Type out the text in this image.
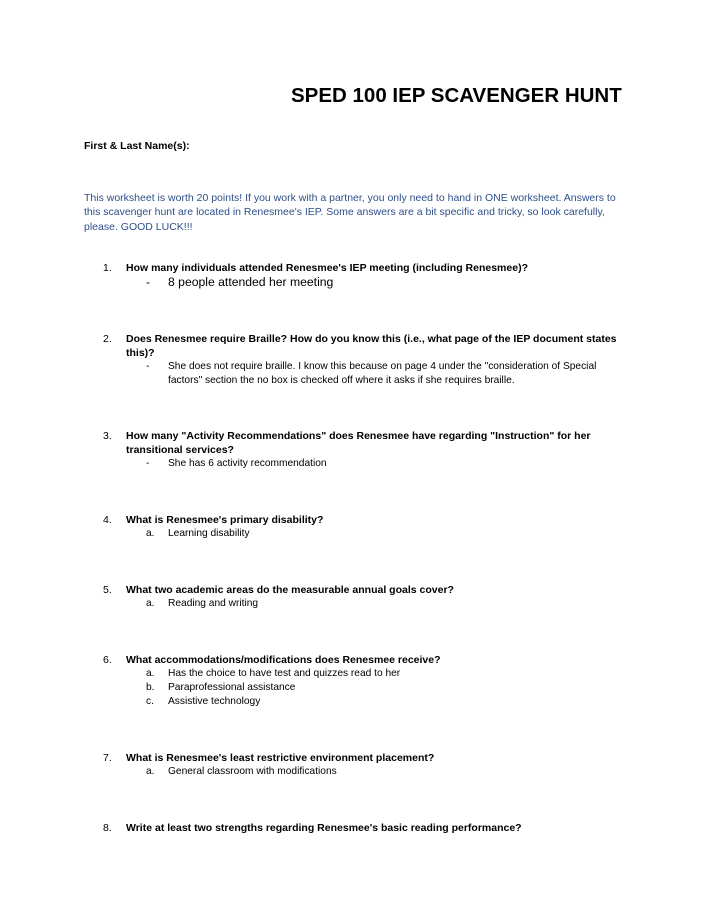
SPED 100 IEP SCAVENGER HUNT
First & Last Name(s):
This worksheet is worth 20 points! If you work with a partner, you only need to hand in ONE worksheet. Answers to this scavenger hunt are located in Renesmee's IEP. Some answers are a bit specific and tricky, so look carefully, please. GOOD LUCK!!!
1. How many individuals attended Renesmee's IEP meeting (including Renesmee)?
- 8 people attended her meeting
2. Does Renesmee require Braille? How do you know this (i.e., what page of the IEP document states this)?
- She does not require braille. I know this because on page 4 under the "consideration of Special factors" section the no box is checked off where it asks if she requires braille.
3. How many "Activity Recommendations" does Renesmee have regarding "Instruction" for her transitional services?
- She has 6 activity recommendation
4. What is Renesmee's primary disability?
a. Learning disability
5. What two academic areas do the measurable annual goals cover?
a. Reading and writing
6. What accommodations/modifications does Renesmee receive?
a. Has the choice to have test and quizzes read to her
b. Paraprofessional assistance
c. Assistive technology
7. What is Renesmee's least restrictive environment placement?
a. General classroom with modifications
8. Write at least two strengths regarding Renesmee's basic reading performance?
